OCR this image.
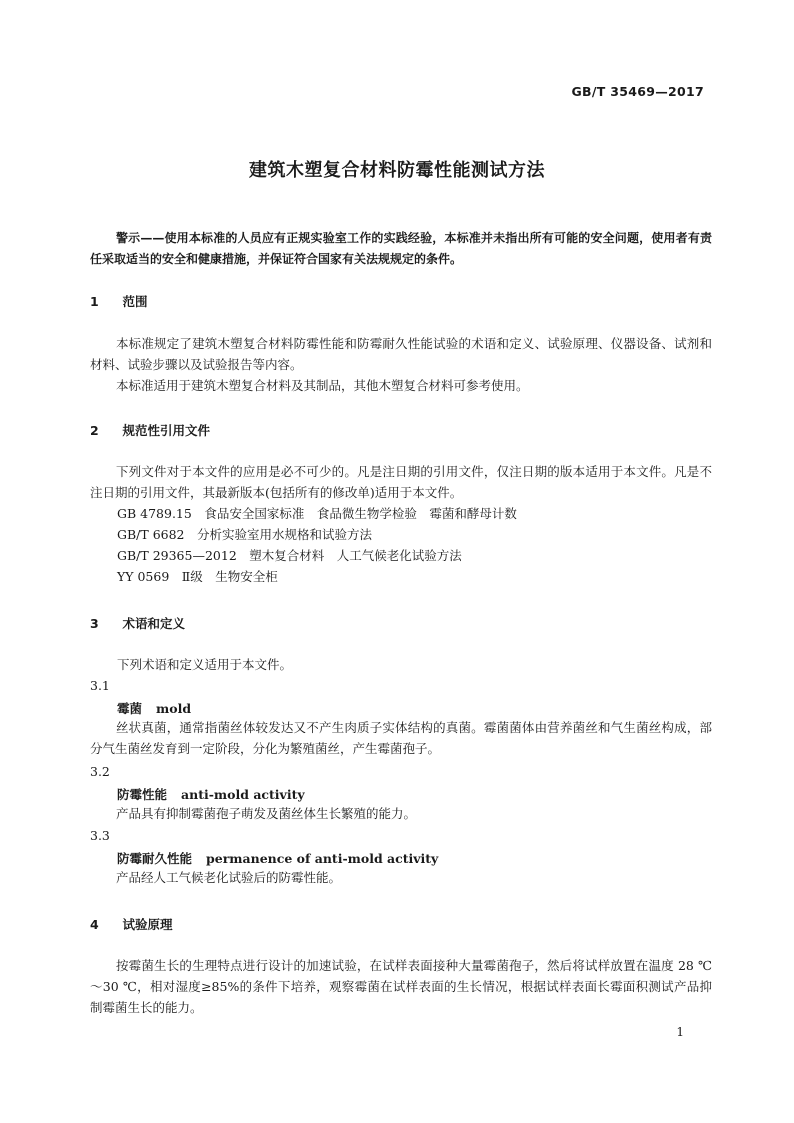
GB/T 35469—2017
建筑木塑复合材料防霉性能测试方法

警示——使用本标准的人员应有正规实验室工作的实践经验，本标准并未指出所有可能的安全问题，使用者有责任采取适当的安全和健康措施，并保证符合国家有关法规规定的条件。

1　 范围

本标准规定了建筑木塑复合材料防霉性能和防霉耐久性能试验的术语和定义、试验原理、仪器设备、试剂和材料、试验步骤以及试验报告等内容。

本标准适用于建筑木塑复合材料及其制品，其他木塑复合材料可参考使用。

2　 规范性引用文件

下列文件对于本文件的应用是必不可少的。凡是注日期的引用文件，仅注日期的版本适用于本文件。凡是不注日期的引用文件，其最新版本(包括所有的修改单)适用于本文件。

GB 4789.15　食品安全国家标准　食品微生物学检验　霉菌和酵母计数

GB/T 6682　分析实验室用水规格和试验方法

GB/T 29365—2012　塑木复合材料　人工气候老化试验方法

YY 0569　Ⅱ级　生物安全柜

3　 术语和定义

下列术语和定义适用于本文件。

3.1

霉菌 mold

丝状真菌，通常指菌丝体较发达又不产生肉质子实体结构的真菌。霉菌菌体由营养菌丝和气生菌丝构成，部分气生菌丝发育到一定阶段，分化为繁殖菌丝，产生霉菌孢子。

3.2

防霉性能 anti-mold activity

产品具有抑制霉菌孢子萌发及菌丝体生长繁殖的能力。

3.3

防霉耐久性能 permanence of anti-mold activity

产品经人工气候老化试验后的防霉性能。

4　 试验原理

按霉菌生长的生理特点进行设计的加速试验，在试样表面接种大量霉菌孢子，然后将试样放置在温度 28 ℃～30 ℃，相对湿度≥85%的条件下培养，观察霉菌在试样表面的生长情况，根据试样表面长霉面积测试产品抑制霉菌生长的能力。

1
